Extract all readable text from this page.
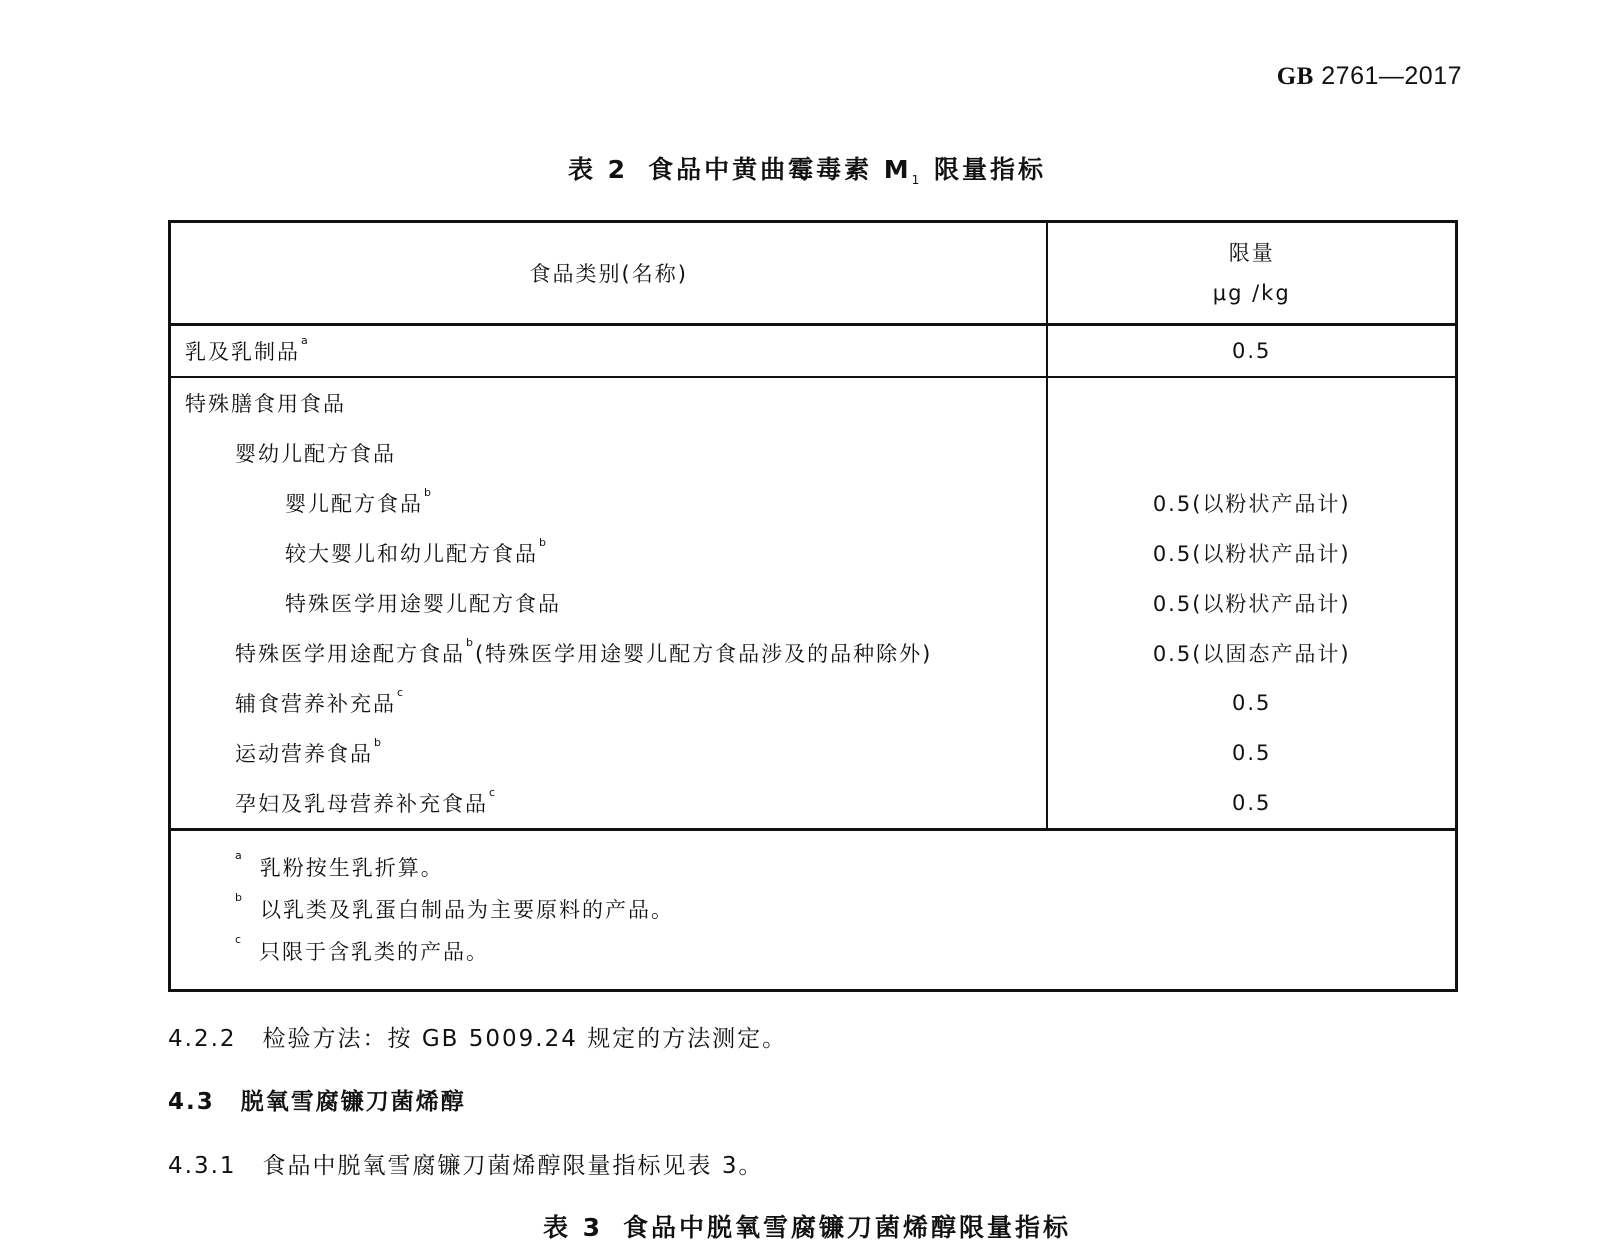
GB 2761—2017
表 2 食品中黄曲霉毒素 $M_1$ 限量指标
食品类别(名称)	限量
μg /kg

乳及乳制品$^a$	0.5
特殊膳食用食品	
婴幼儿配方食品	
婴儿配方食品$^b$	0.5(以粉状产品计)
较大婴儿和幼儿配方食品$^b$	0.5(以粉状产品计)
特殊医学用途婴儿配方食品	0.5(以粉状产品计)
特殊医学用途配方食品$^b$(特殊医学用途婴儿配方食品涉及的品种除外)	0.5(以固态产品计)
辅食营养补充品$^c$	0.5
运动营养食品$^b$	0.5
孕妇及乳母营养补充食品$^c$	0.5

$^a$乳粉按生乳折算。
$^b$以乳类及乳蛋白制品为主要原料的产品。
$^c$只限于含乳类的产品。	
4.2.2 检验方法：按 GB 5009.24 规定的方法测定。
4.3 脱氧雪腐镰刀菌烯醇
4.3.1 食品中脱氧雪腐镰刀菌烯醇限量指标见表 3。
表 3 食品中脱氧雪腐镰刀菌烯醇限量指标
